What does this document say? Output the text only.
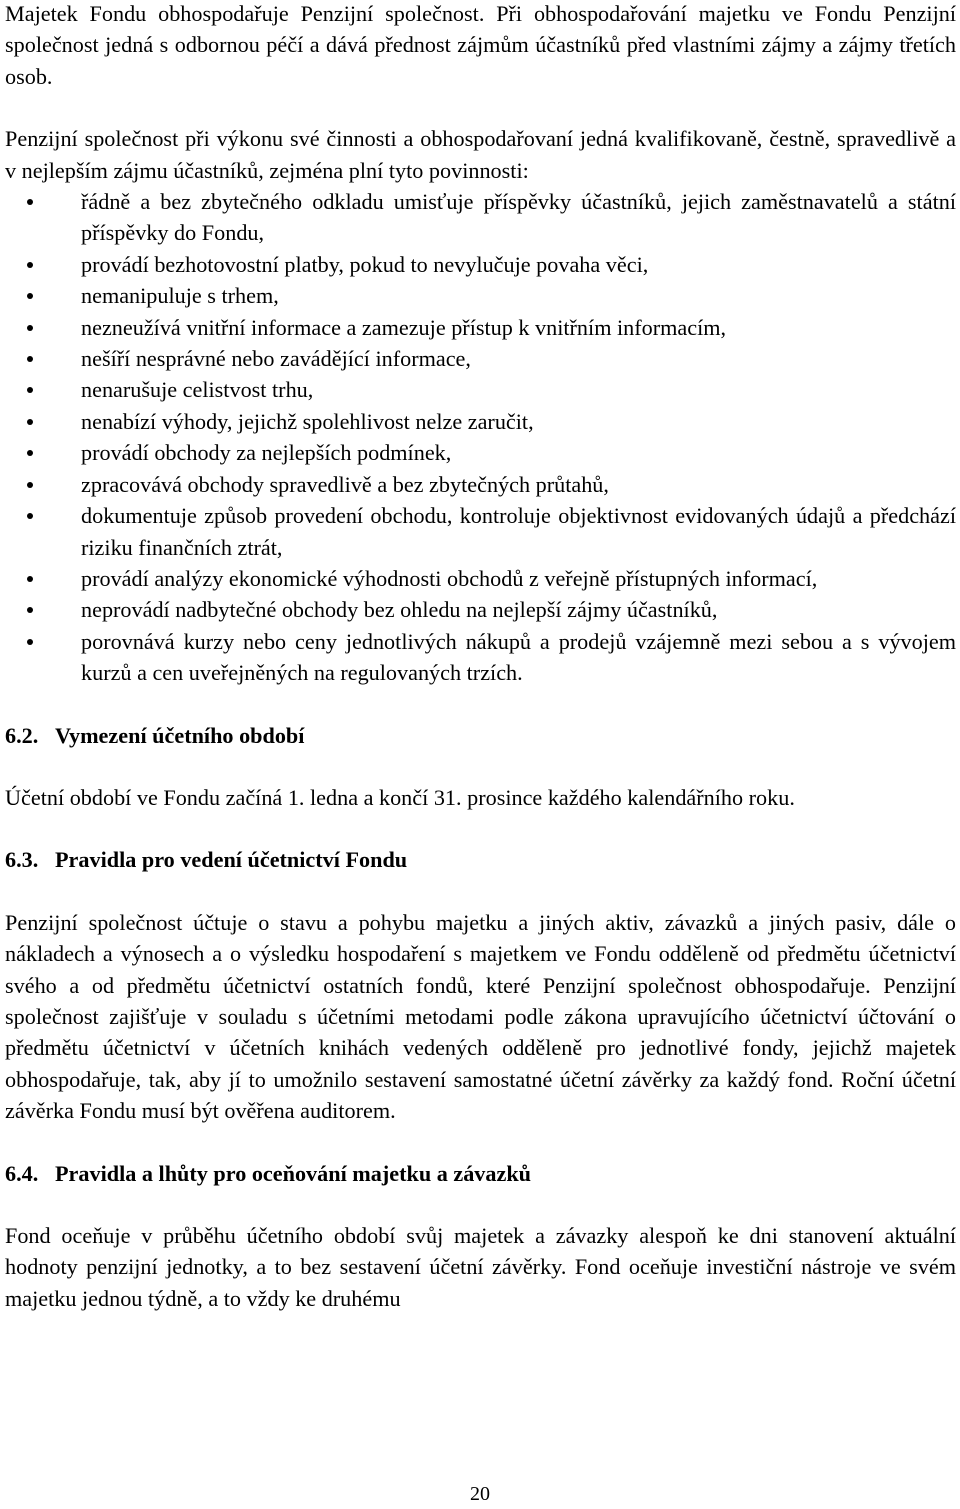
Majetek Fondu obhospodařuje Penzijní společnost. Při obhospodařování majetku ve Fondu Penzijní společnost jedná s odbornou péčí a dává přednost zájmům účastníků před vlastními zájmy a zájmy třetích osob.

Penzijní společnost při výkonu své činnosti a obhospodařovaní jedná kvalifikovaně, čestně, spravedlivě a v nejlepším zájmu účastníků, zejména plní tyto povinnosti:

řádně a bez zbytečného odkladu umisťuje příspěvky účastníků, jejich zaměstnavatelů a státní příspěvky do Fondu,
provádí bezhotovostní platby, pokud to nevylučuje povaha věci,
nemanipuluje s trhem,
nezneužívá vnitřní informace a zamezuje přístup k vnitřním informacím,
nešíří nesprávné nebo zavádějící informace,
nenarušuje celistvost trhu,
nenabízí výhody, jejichž spolehlivost nelze zaručit,
provádí obchody za nejlepších podmínek,
zpracovává obchody spravedlivě a bez zbytečných průtahů,
dokumentuje způsob provedení obchodu, kontroluje objektivnost evidovaných údajů a předchází riziku finančních ztrát,
provádí analýzy ekonomické výhodnosti obchodů z veřejně přístupných informací,
neprovádí nadbytečné obchody bez ohledu na nejlepší zájmy účastníků,
porovnává kurzy nebo ceny jednotlivých nákupů a prodejů vzájemně mezi sebou a s vývojem kurzů a cen uveřejněných na regulovaných trzích.
6.2. Vymezení účetního období

Účetní období ve Fondu začíná 1. ledna a končí 31. prosince každého kalendářního roku.

6.3. Pravidla pro vedení účetnictví Fondu

Penzijní společnost účtuje o stavu a pohybu majetku a jiných aktiv, závazků a jiných pasiv, dále o nákladech a výnosech a o výsledku hospodaření s majetkem ve Fondu odděleně od předmětu účetnictví svého a od předmětu účetnictví ostatních fondů, které Penzijní společnost obhospodařuje. Penzijní společnost zajišťuje v souladu s účetními metodami podle zákona upravujícího účetnictví účtování o předmětu účetnictví v účetních knihách vedených odděleně pro jednotlivé fondy, jejichž majetek obhospodařuje, tak, aby jí to umožnilo sestavení samostatné účetní závěrky za každý fond. Roční účetní závěrka Fondu musí být ověřena auditorem.

6.4. Pravidla a lhůty pro oceňování majetku a závazků

Fond oceňuje v průběhu účetního období svůj majetek a závazky alespoň ke dni stanovení aktuální hodnoty penzijní jednotky, a to bez sestavení účetní závěrky. Fond oceňuje investiční nástroje ve svém majetku jednou týdně, a to vždy ke druhému

20
